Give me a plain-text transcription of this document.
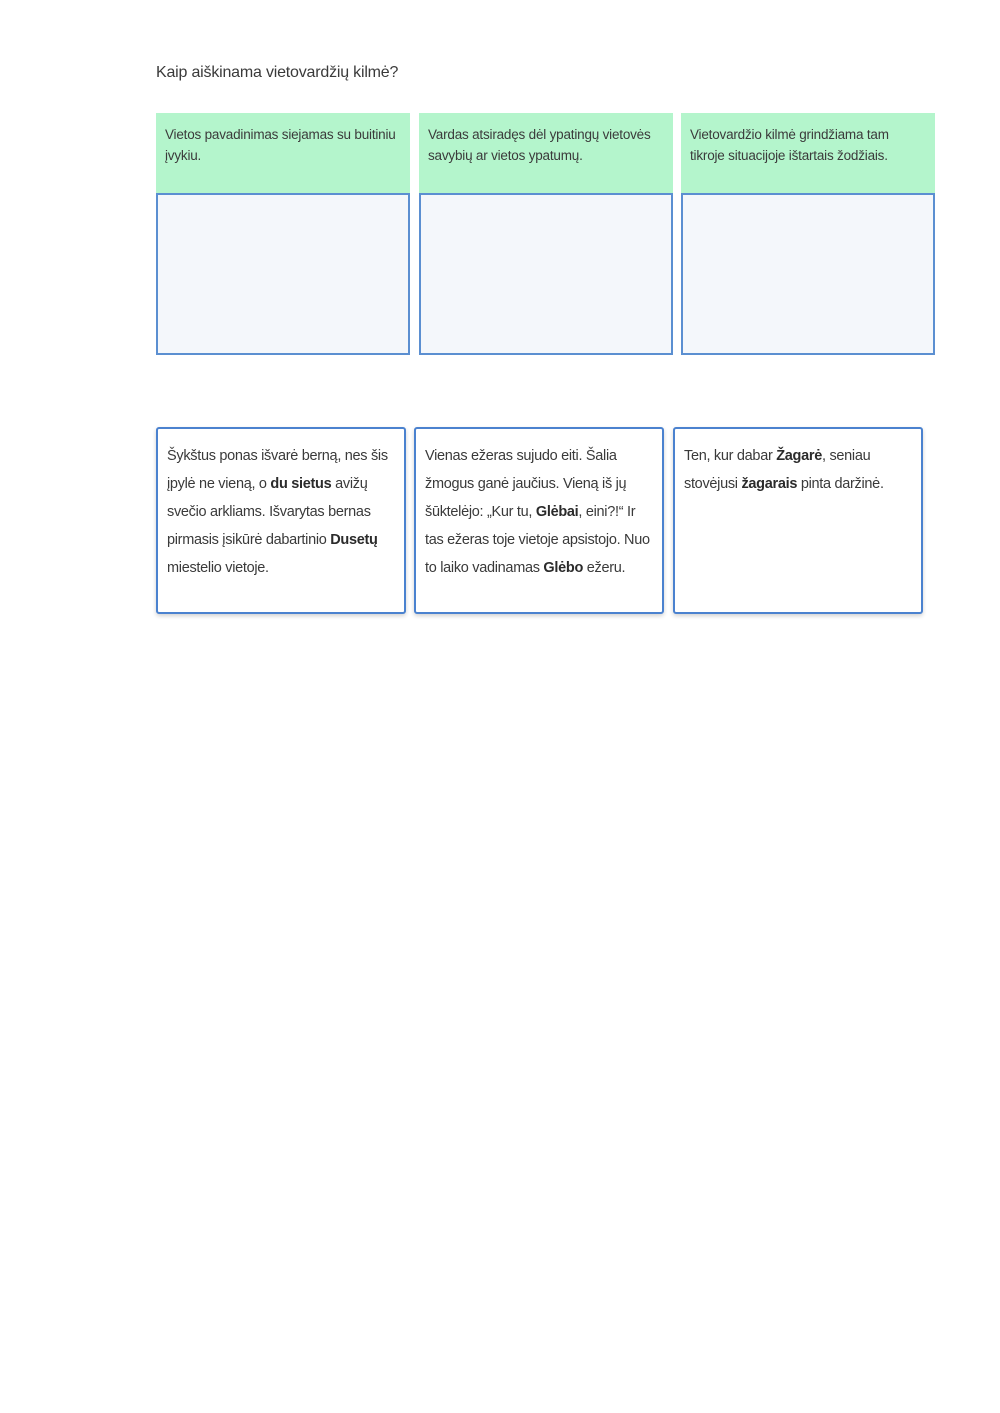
Kaip aiškinama vietovardžių kilmė?
Vietos pavadinimas siejamas su buitiniu įvykiu.
Vardas atsiradęs dėl ypatingų vietovės savybių ar vietos ypatumų.
Vietovardžio kilmė grindžiama tam tikroje situacijoje ištartais žodžiais.
Šykštus ponas išvarė berną, nes šis įpylė ne vieną, o du sietus avižų svečio arkliams. Išvarytas bernas pirmasis įsikūrė dabartinio Dusetų miestelio vietoje.
Vienas ežeras sujudo eiti. Šalia žmogus ganė jaučius. Vieną iš jų šūktelėjo: „Kur tu, Glėbai, eini?!“ Ir tas ežeras toje vietoje apsistojo. Nuo to laiko vadinamas Glėbo ežeru.
Ten, kur dabar Žagarė, seniau stovėjusi žagarais pinta daržinė.
